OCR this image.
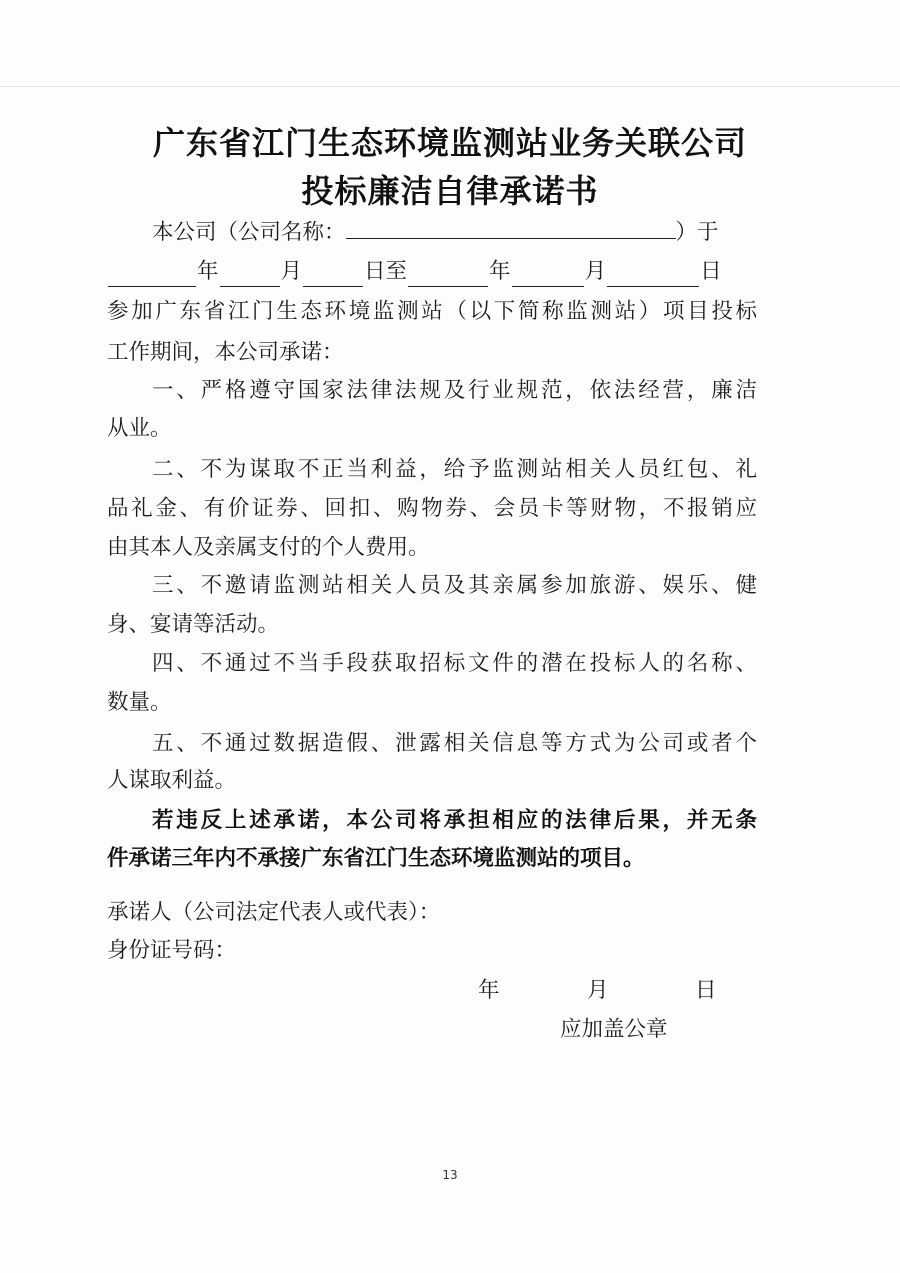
广东省江门生态环境监测站业务关联公司
投标廉洁自律承诺书
本公司（公司名称：	）于
年	月	日至	年	月	日
参加广东省江门生态环境监测站（以下简称监测站）项目投标
工作期间，本公司承诺：
一、严格遵守国家法律法规及行业规范，依法经营，廉洁
从业。
二、不为谋取不正当利益，给予监测站相关人员红包、礼
品礼金、有价证券、回扣、购物券、会员卡等财物，不报销应
由其本人及亲属支付的个人费用。
三、不邀请监测站相关人员及其亲属参加旅游、娱乐、健
身、宴请等活动。
四、不通过不当手段获取招标文件的潜在投标人的名称、
数量。
五、不通过数据造假、泄露相关信息等方式为公司或者个
人谋取利益。
若违反上述承诺，本公司将承担相应的法律后果，并无条
件承诺三年内不承接广东省江门生态环境监测站的项目。
承诺人（公司法定代表人或代表）：
身份证号码：
年	月	日
应加盖公章
13
